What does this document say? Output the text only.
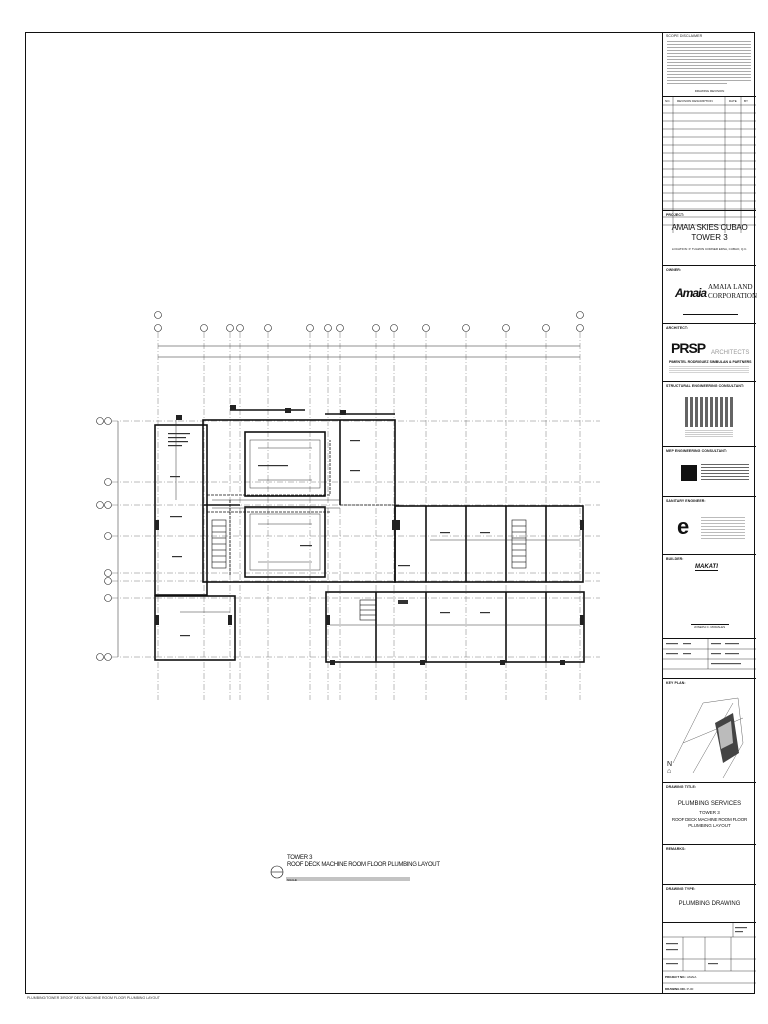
TOWER 3
ROOF DECK MACHINE ROOM FLOOR PLUMBING LAYOUT
SCALE
SCOPE DISCLAIMER
DRAWING REVISION
NO. REVISION DESCRIPTION	DATE BY
PROJECT:
AMAIA SKIES CUBAO
TOWER 3
LOCATION: P. TUAZON CORNER EDSA, CUBAO, Q.C.
OWNER:
Amaia AMAIA LAND
CORPORATION
ARCHITECT:
PRSP ARCHITECTS
PIMENTEL RODRIGUEZ SIMBULAN & PARTNERS
STRUCTURAL ENGINEERING CONSULTANT:
MEP ENGINEERING CONSULTANT:
SANITARY ENGINEER:
e
BUILDER:
MAKATI
JOSEPH C. MORALES
KEY PLAN:
N
⌂
DRAWING TITLE:
PLUMBING SERVICES
TOWER 3
ROOF DECK MACHINE ROOM FLOOR
PLUMBING LAYOUT
REMARKS:
DRAWING TYPE:
PLUMBING DRAWING
PROJECT NO.: AMAIA
DRAWING NO.: P-00
PLUMBING/TOWER 3/ROOF DECK MACHINE ROOM FLOOR PLUMBING LAYOUT
